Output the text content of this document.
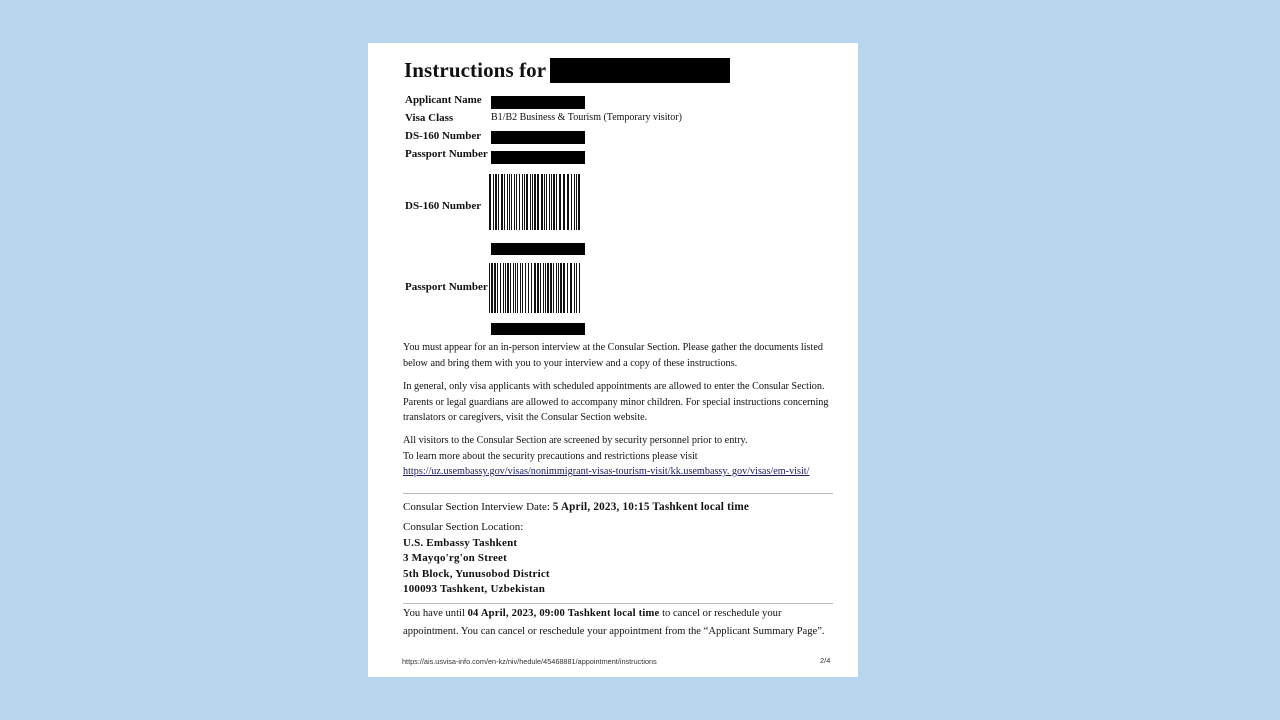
Instructions for
Applicant Name
Visa Class	B1/B2 Business & Tourism (Temporary visitor)
DS-160 Number
Passport Number
DS-160 Number
Passport Number
You must appear for an in-person interview at the Consular Section. Please gather the documents listed below and bring them with you to your interview and a copy of these instructions.
In general, only visa applicants with scheduled appointments are allowed to enter the Consular Section. Parents or legal guardians are allowed to accompany minor children. For special instructions concerning translators or caregivers, visit the Consular Section website.
All visitors to the Consular Section are screened by security personnel prior to entry.
To learn more about the security precautions and restrictions please visit
https://uz.usembassy.gov/visas/nonimmigrant-visas-tourism-visit/kk.usembassy. gov/visas/em-visit/
Consular Section Interview Date: 5 April, 2023, 10:15 Tashkent local time
Consular Section Location:
U.S. Embassy Tashkent
3 Mayqo'rg'on Street
5th Block, Yunusobod District
100093 Tashkent, Uzbekistan
You have until 04 April, 2023, 09:00 Tashkent local time to cancel or reschedule your
appointment. You can cancel or reschedule your appointment from the “Applicant Summary Page”.
https://ais.usvisa-info.com/en-kz/niv/hedule/45468881/appointment/instructions	2/4
